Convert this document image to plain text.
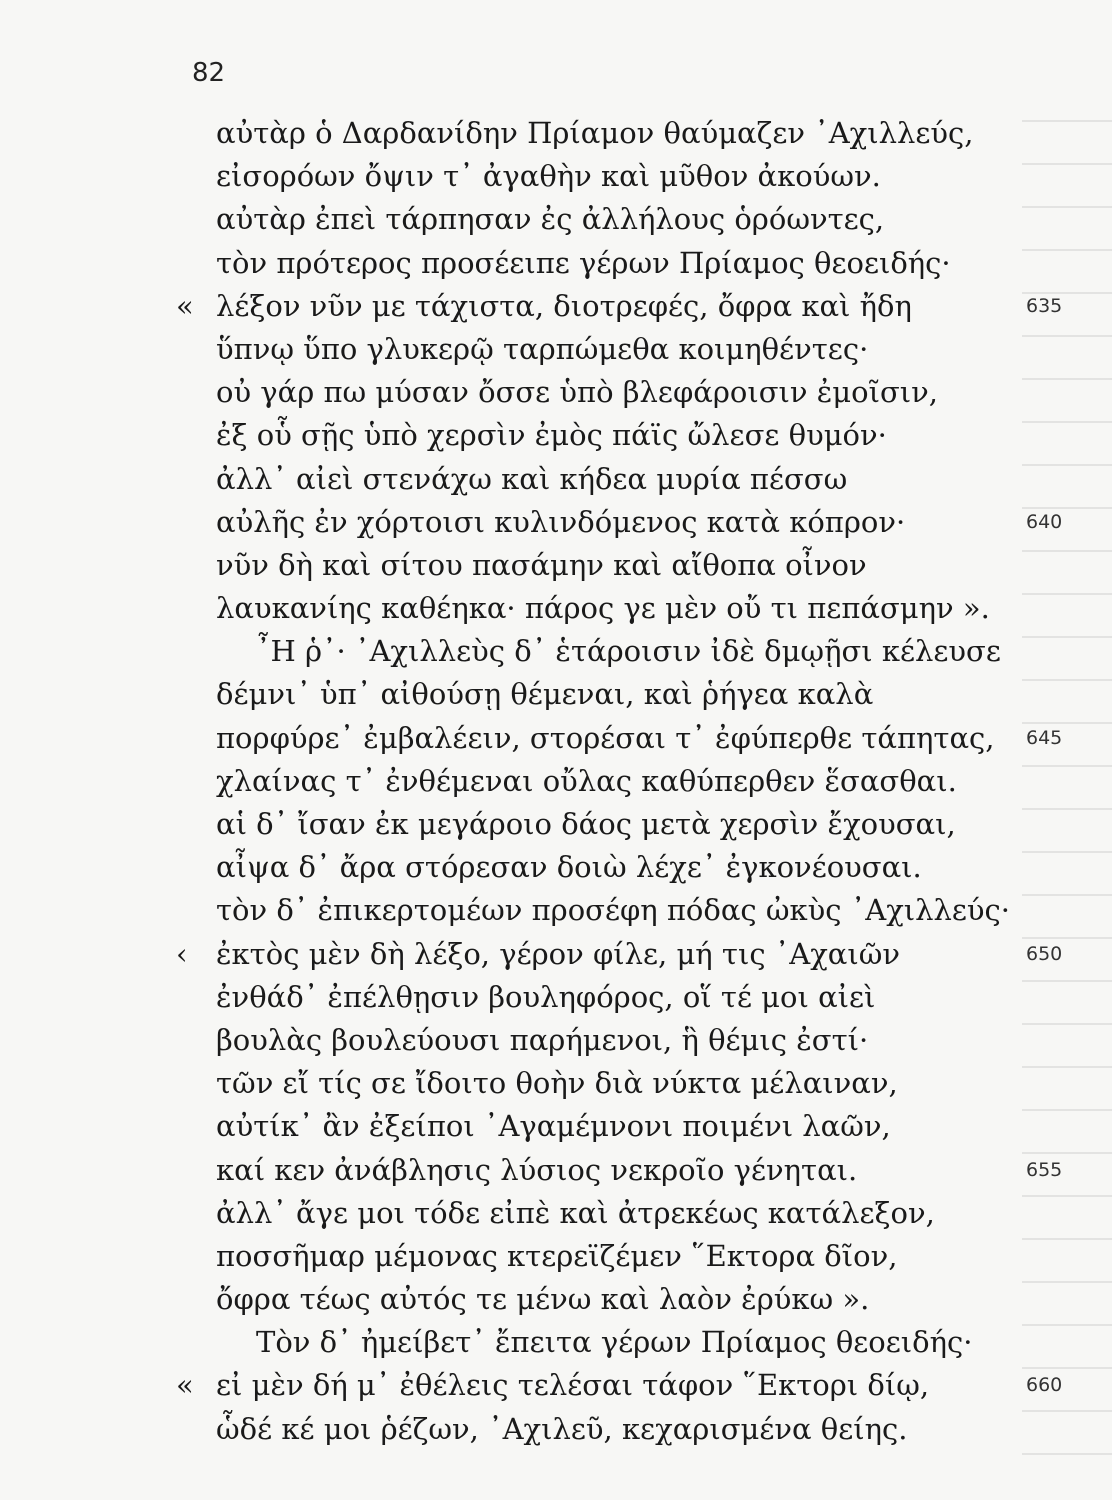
82
αὐτὰρ ὁ Δαρδανίδην Πρίαμον θαύμαζεν ᾿Αχιλλεύς,
εἰσορόων ὄψιν τ᾿ ἀγαθὴν καὶ μῦθον ἀκούων.
αὐτὰρ ἐπεὶ τάρπησαν ἐς ἀλλήλους ὁρόωντες,
τὸν πρότερος προσέειπε γέρων Πρίαμος θεοειδής·
« λέξον νῦν με τάχιστα, διοτρεφές, ὄφρα καὶ ἤδη	635
ὕπνῳ ὕπο γλυκερῷ ταρπώμεθα κοιμηθέντες·
οὐ γάρ πω μύσαν ὄσσε ὑπὸ βλεφάροισιν ἐμοῖσιν,
ἐξ οὗ σῇς ὑπὸ χερσὶν ἐμὸς πάϊς ὤλεσε θυμόν·
ἀλλ᾿ αἰεὶ στενάχω καὶ κήδεα μυρία πέσσω
αὐλῆς ἐν χόρτοισι κυλινδόμενος κατὰ κόπρον·	640
νῦν δὴ καὶ σίτου πασάμην καὶ αἴθοπα οἶνον
λαυκανίης καθέηκα· πάρος γε μὲν οὔ τι πεπάσμην ».
῏Η ῥ᾿· ᾿Αχιλλεὺς δ᾿ ἑτάροισιν ἰδὲ δμῳῇσι κέλευσε
δέμνι᾿ ὑπ᾿ αἰθούσῃ θέμεναι, καὶ ῥήγεα καλὰ
πορφύρε᾿ ἐμβαλέειν, στορέσαι τ᾿ ἐφύπερθε τάπητας, 645
χλαίνας τ᾿ ἐνθέμεναι οὔλας καθύπερθεν ἕσασθαι.
αἱ δ᾿ ἴσαν ἐκ μεγάροιο δάος μετὰ χερσὶν ἔχουσαι,
αἶψα δ᾿ ἄρα στόρεσαν δοιὼ λέχε᾿ ἐγκονέουσαι.
τὸν δ᾿ ἐπικερτομέων προσέφη πόδας ὠκὺς ᾿Αχιλλεύς·
‹ ἐκτὸς μὲν δὴ λέξο, γέρον φίλε, μή τις ᾿Αχαιῶν	650
ἐνθάδ᾿ ἐπέλθῃσιν βουληφόρος, οἵ τέ μοι αἰεὶ
βουλὰς βουλεύουσι παρήμενοι, ἣ θέμις ἐστί·
τῶν εἴ τίς σε ἴδοιτο θοὴν διὰ νύκτα μέλαιναν,
αὐτίκ᾿ ἂν ἐξείποι ᾿Αγαμέμνονι ποιμένι λαῶν,
καί κεν ἀνάβλησις λύσιος νεκροῖο γένηται.	655
ἀλλ᾿ ἄγε μοι τόδε εἰπὲ καὶ ἀτρεκέως κατάλεξον,
ποσσῆμαρ μέμονας κτερεϊζέμεν ῞Εκτορα δῖον,
ὄφρα τέως αὐτός τε μένω καὶ λαὸν ἐρύκω ».
Τὸν δ᾿ ἠμείβετ᾿ ἔπειτα γέρων Πρίαμος θεοειδής·
« εἰ μὲν δή μ᾿ ἐθέλεις τελέσαι τάφον ῞Εκτορι δίῳ,	660
ὧδέ κέ μοι ῥέζων, ᾿Αχιλεῦ, κεχαρισμένα θείης.
